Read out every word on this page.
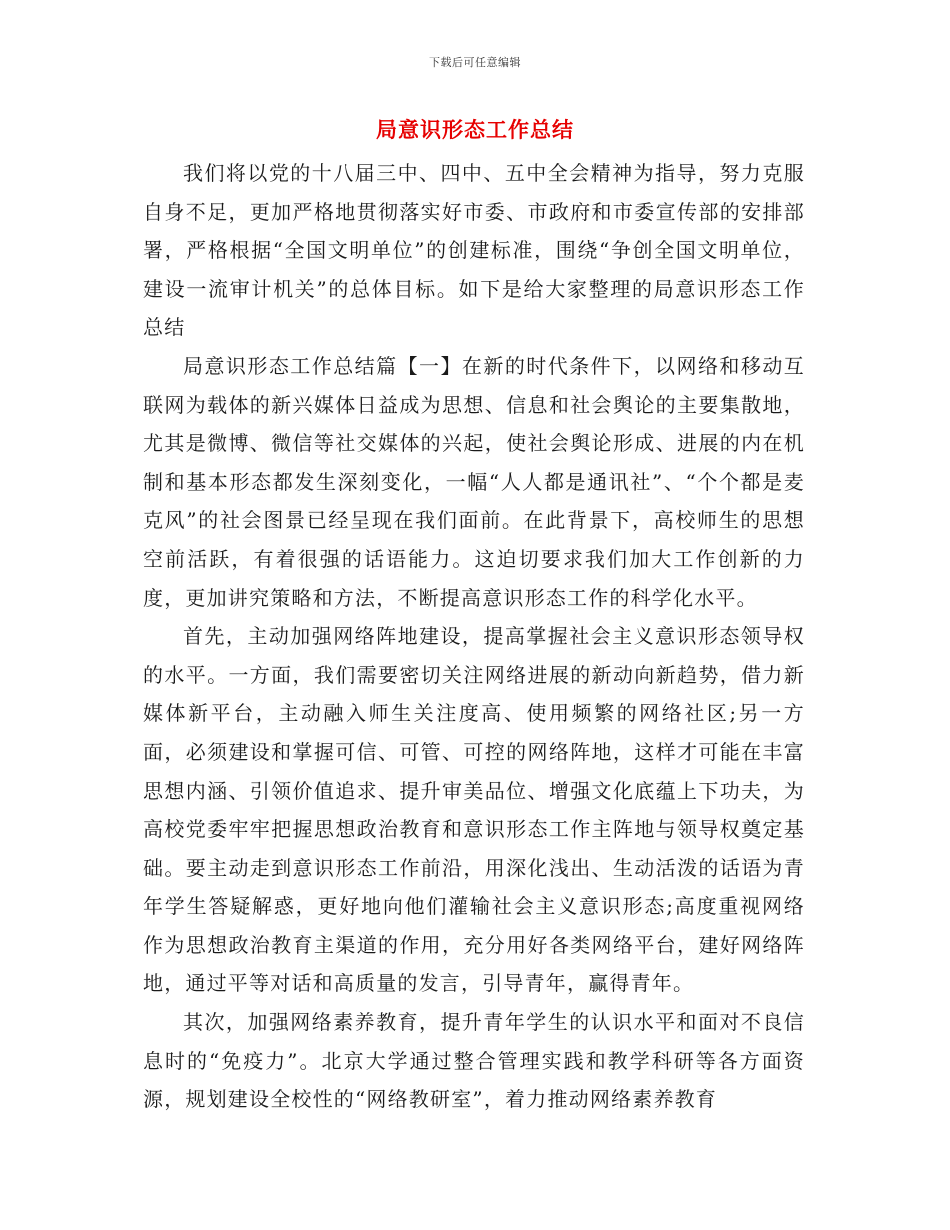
下载后可任意编辑
局意识形态工作总结

我们将以党的十八届三中、四中、五中全会精神为指导，努力克服自身不足，更加严格地贯彻落实好市委、市政府和市委宣传部的安排部署，严格根据“全国文明单位”的创建标准，围绕“争创全国文明单位，建设一流审计机关”的总体目标。如下是给大家整理的局意识形态工作总结

局意识形态工作总结篇【一】在新的时代条件下，以网络和移动互联网为载体的新兴媒体日益成为思想、信息和社会舆论的主要集散地，尤其是微博、微信等社交媒体的兴起，使社会舆论形成、进展的内在机制和基本形态都发生深刻变化，一幅“人人都是通讯社”、“个个都是麦克风”的社会图景已经呈现在我们面前。在此背景下，高校师生的思想空前活跃，有着很强的话语能力。这迫切要求我们加大工作创新的力度，更加讲究策略和方法，不断提高意识形态工作的科学化水平。

首先，主动加强网络阵地建设，提高掌握社会主义意识形态领导权的水平。一方面，我们需要密切关注网络进展的新动向新趋势，借力新媒体新平台，主动融入师生关注度高、使用频繁的网络社区;另一方面，必须建设和掌握可信、可管、可控的网络阵地，这样才可能在丰富思想内涵、引领价值追求、提升审美品位、增强文化底蕴上下功夫，为高校党委牢牢把握思想政治教育和意识形态工作主阵地与领导权奠定基础。要主动走到意识形态工作前沿，用深化浅出、生动活泼的话语为青年学生答疑解惑，更好地向他们灌输社会主义意识形态;高度重视网络作为思想政治教育主渠道的作用，充分用好各类网络平台，建好网络阵地，通过平等对话和高质量的发言，引导青年，赢得青年。

其次，加强网络素养教育，提升青年学生的认识水平和面对不良信息时的“免疫力”。北京大学通过整合管理实践和教学科研等各方面资源，规划建设全校性的“网络教研室”，着力推动网络素养教育
